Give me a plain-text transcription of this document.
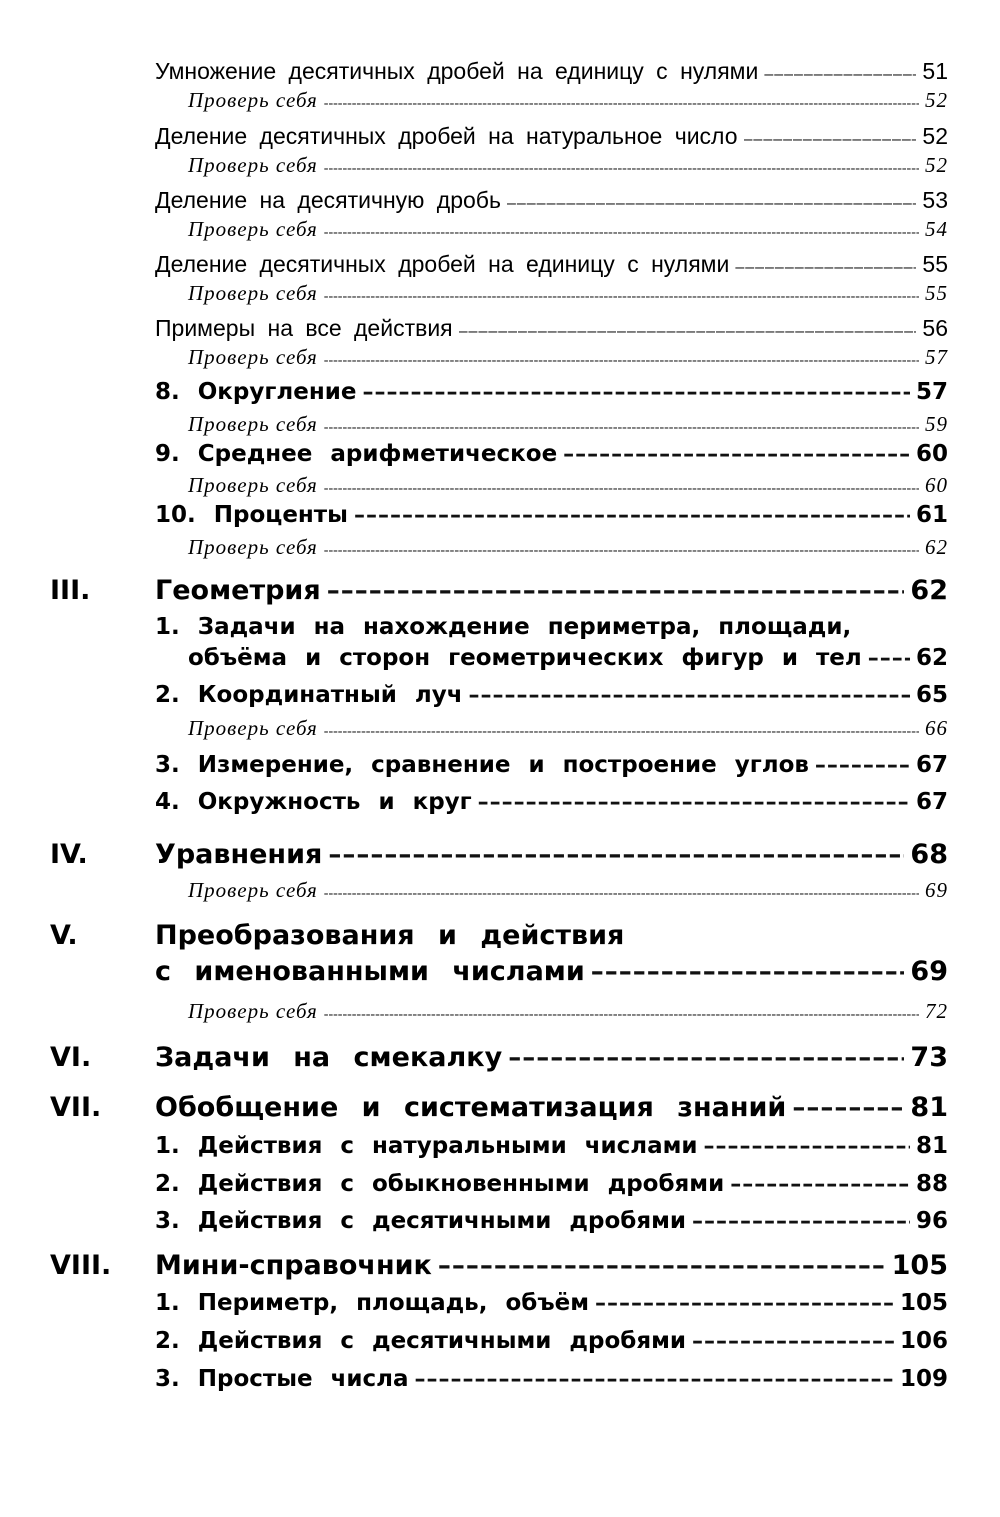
Умножение десятичных дробей на единицу с нулями –––––	51
Проверь себя -----	52
Деление десятичных дробей на натуральное число –––––	52
Проверь себя -----	52
Деление на десятичную дробь –––––	53
Проверь себя -----	54
Деление десятичных дробей на единицу с нулями –––––	55
Проверь себя -----	55
Примеры на все действия –––––	56
Проверь себя -----	57
8. Округление –––––	57
Проверь себя -----	59
9. Среднее арифметическое –––––	60
Проверь себя -----	60
10. Проценты –––––	61
Проверь себя -----	62
III. Геометрия –––––	62
1. Задачи на нахождение периметра, площади,
объёма и сторон геометрических фигур и тел ––––– 62
2. Координатный луч –––––	65
Проверь себя -----	66
3. Измерение, сравнение и построение углов –––––	67
4. Окружность и круг –––––	67
IV. Уравнения –––––	68
Проверь себя -----	69
V.	Преобразования и действия
с именованными числами –––––	69
Проверь себя -----	72
VI. Задачи на смекалку –––––	73
VII. Обобщение и систематизация знаний –––––	81
1. Действия с натуральными числами –––––	81
2. Действия с обыкновенными дробями –––––	88
3. Действия с десятичными дробями –––––	96
VIII. Мини-справочник –––––	105
1. Периметр, площадь, объём –––––	105
2. Действия с десятичными дробями –––––	106
3. Простые числа –––––	109
